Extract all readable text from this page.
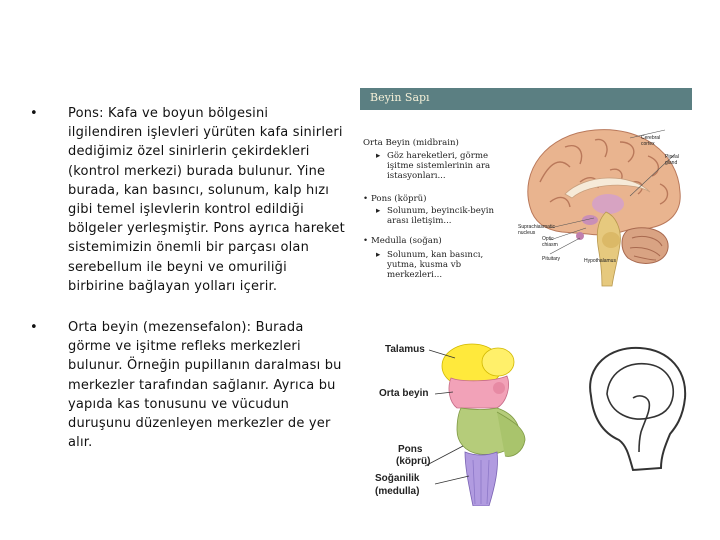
• Pons: Kafa ve boyun bölgesini ilgilendiren işlevleri yürüten kafa sinirleri dediğimiz özel sinirlerin çekirdekleri (kontrol merkezi) burada bulunur. Yine burada, kan basıncı, solunum, kalp hızı gibi temel işlevlerin kontrol edildiği bölgeler yerleşmiştir. Pons ayrıca hareket sistemimizin önemli bir parçası olan serebellum ile beyni ve omuriliği birbirine bağlayan yolları içerir.
• Orta beyin (mezensefalon): Burada görme ve işitme refleks merkezleri bulunur. Örneğin pupillanın daralması bu merkezler tarafından sağlanır. Ayrıca bu yapıda kas tonusunu ve vücudun duruşunu düzenleyen merkezler de yer alır.
Beyin Sapı
Orta Beyin (midbrain)
▸ Göz hareketleri, görme
işitme sistemlerinin ara
istasyonları...
• Pons (köprü)
▸ Solunum, beyincik-beyin
arası iletişim...
• Medulla (soğan)
▸ Solunum, kan basıncı,
yutma, kusma vb
merkezleri...
Cerebral
cortex
Pineal
gland
Suprachiasmatic
nucleus
Optic
chiasm
Pituitary	Hypothalamus
Talamus
Orta beyin
Pons
(köprü)
Soğanilik
(medulla)
